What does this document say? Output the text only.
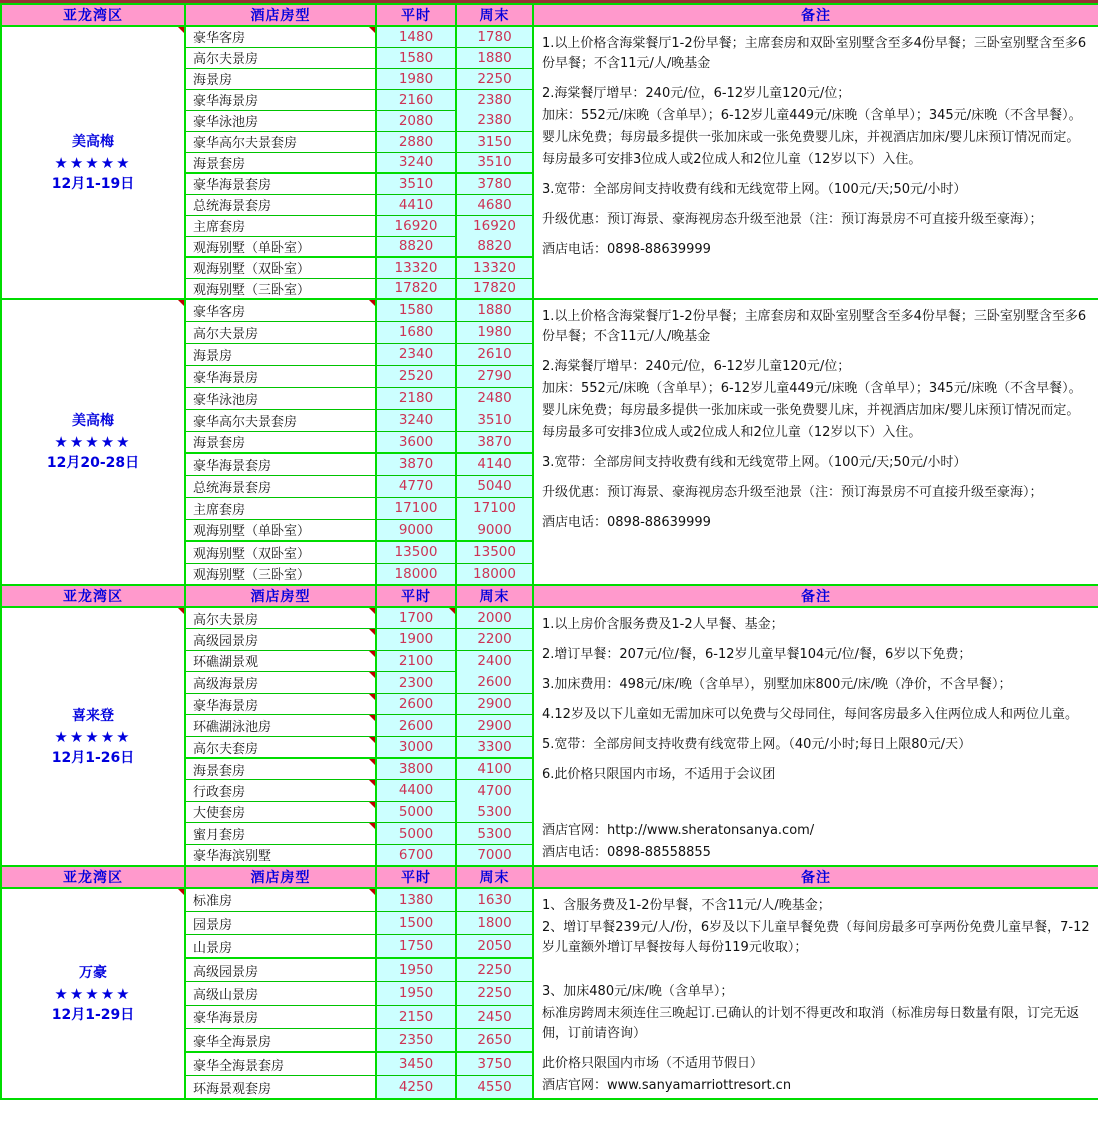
亚龙湾区	酒店房型	平时	周末	备注

美高梅
★★★★★
12月1-19日
	豪华客房	1480	1780	1.以上价格含海棠餐厅1-2份早餐；主席套房和双卧室别墅含至多4份早餐；三卧室别墅含至多6份早餐；不含11元/人/晚基金

2.海棠餐厅增早：240元/位，6-12岁儿童120元/位；

加床：552元/床晚（含单早）；6-12岁儿童449元/床晚（含单早）；345元/床晚（不含早餐）。

婴儿床免费；每房最多提供一张加床或一张免费婴儿床，并视酒店加床/婴儿床预订情况而定。

每房最多可安排3位成人或2位成人和2位儿童（12岁以下）入住。

3.宽带：全部房间支持收费有线和无线宽带上网。（100元/天;50元/小时）

升级优惠：预订海景、豪海视房态升级至池景（注：预订海景房不可直接升级至豪海）；

酒店电话：0898-88639999

	高尔夫景房	1580	1880	
	海景房	1980	2250	
	豪华海景房	2160	2380	
	豪华泳池房	2080	2380	
	豪华高尔夫景套房	2880	3150	
	海景套房	3240	3510	
	豪华海景套房	3510	3780	
	总统海景套房	4410	4680	
	主席套房	16920	16920	
	观海别墅（单卧室）	8820	8820	
	观海别墅（双卧室）	13320	13320	
	观海别墅（三卧室）	17820	17820	

美高梅
★★★★★
12月20-28日
	豪华客房	1580	1880	1.以上价格含海棠餐厅1-2份早餐；主席套房和双卧室别墅含至多4份早餐；三卧室别墅含至多6份早餐；不含11元/人/晚基金

2.海棠餐厅增早：240元/位，6-12岁儿童120元/位；

加床：552元/床晚（含单早）；6-12岁儿童449元/床晚（含单早）；345元/床晚（不含早餐）。

婴儿床免费；每房最多提供一张加床或一张免费婴儿床，并视酒店加床/婴儿床预订情况而定。

每房最多可安排3位成人或2位成人和2位儿童（12岁以下）入住。

3.宽带：全部房间支持收费有线和无线宽带上网。（100元/天;50元/小时）

升级优惠：预订海景、豪海视房态升级至池景（注：预订海景房不可直接升级至豪海）；

酒店电话：0898-88639999

	高尔夫景房	1680	1980	
	海景房	2340	2610	
	豪华海景房	2520	2790	
	豪华泳池房	2180	2480	
	豪华高尔夫景套房	3240	3510	
	海景套房	3600	3870	
	豪华海景套房	3870	4140	
	总统海景套房	4770	5040	
	主席套房	17100	17100	
	观海别墅（单卧室）	9000	9000	
	观海别墅（双卧室）	13500	13500	
	观海别墅（三卧室）	18000	18000	
亚龙湾区	酒店房型	平时	周末	备注

喜来登
★★★★★
12月1-26日
	高尔夫景房	1700	2000	1.以上房价含服务费及1-2人早餐、基金；

2.增订早餐：207元/位/餐，6-12岁儿童早餐104元/位/餐，6岁以下免费；

3.加床费用：498元/床/晚（含单早），别墅加床800元/床/晚（净价，不含早餐）；

4.12岁及以下儿童如无需加床可以免费与父母同住，每间客房最多入住两位成人和两位儿童。

5.宽带：全部房间支持收费有线宽带上网。（40元/小时;每日上限80元/天）

6.此价格只限国内市场，不适用于会议团

酒店官网：http://www.sheratonsanya.com/

酒店电话：0898-88558855

	高级园景房	1900	2200	
	环礁湖景观	2100	2400	
	高级海景房	2300	2600	
	豪华海景房	2600	2900	
	环礁湖泳池房	2600	2900	
	高尔夫套房	3000	3300	
	海景套房	3800	4100	
	行政套房	4400	4700	
	大使套房	5000	5300	
	蜜月套房	5000	5300	
	豪华海滨别墅	6700	7000	
亚龙湾区	酒店房型	平时	周末	备注

万豪
★★★★★
12月1-29日
	标准房	1380	1630	1、含服务费及1-2份早餐，不含11元/人/晚基金；

2、增订早餐239元/人/份，6岁及以下儿童早餐免费（每间房最多可享两份免费儿童早餐，7-12岁儿童额外增订早餐按每人每份119元收取）；

3、加床480元/床/晚（含单早）；

标准房跨周末须连住三晚起订.已确认的计划不得更改和取消（标准房每日数量有限，订完无返佣，订前请咨询）

此价格只限国内市场（不适用节假日）

酒店官网：www.sanyamarriottresort.cn

	园景房	1500	1800	
	山景房	1750	2050	
	高级园景房	1950	2250	
	高级山景房	1950	2250	
	豪华海景房	2150	2450	
	豪华全海景房	2350	2650	
	豪华全海景套房	3450	3750	
	环海景观套房	4250	4550	
